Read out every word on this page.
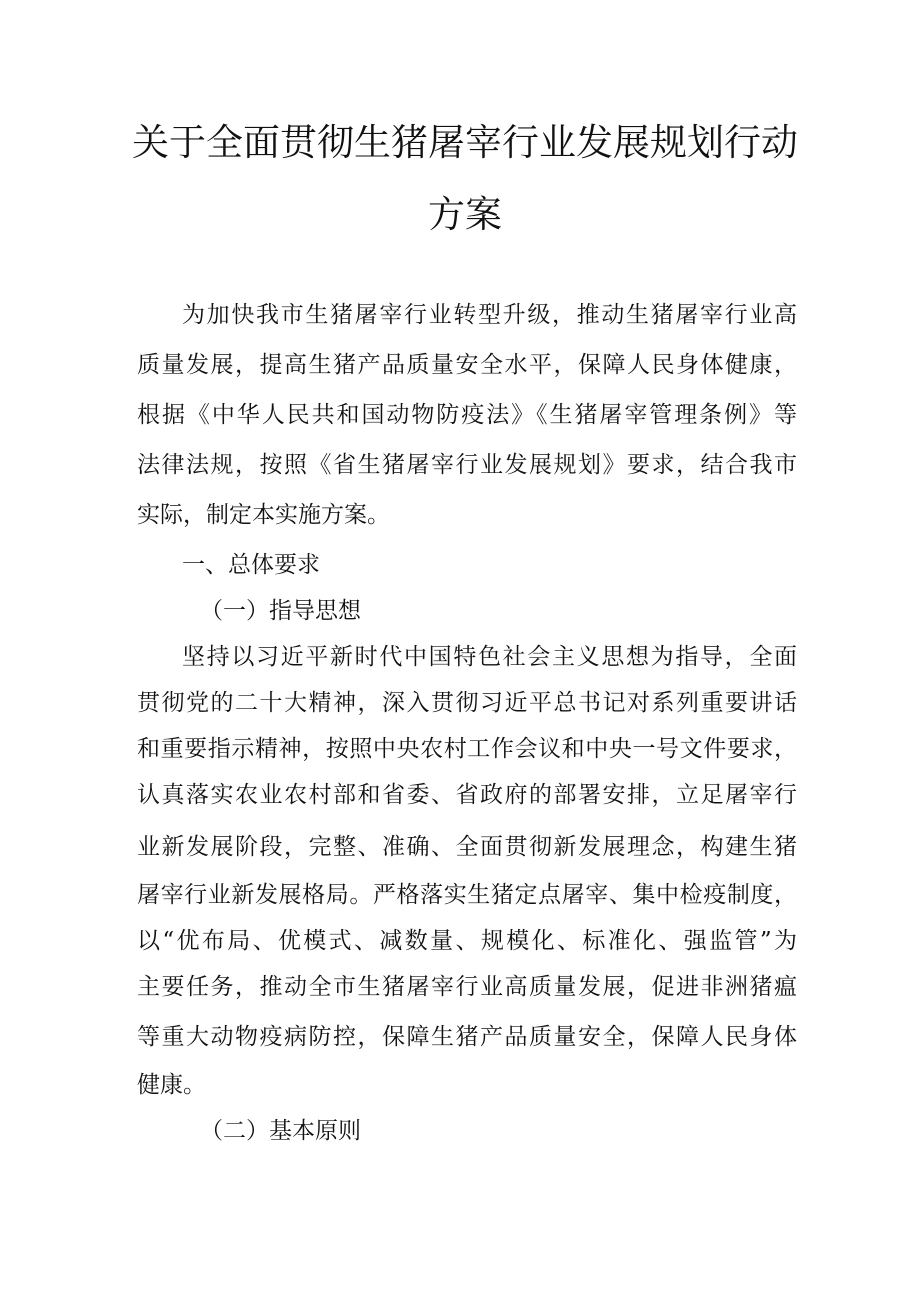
关于全面贯彻生猪屠宰行业发展规划行动
方案
为加快我市生猪屠宰行业转型升级，推动生猪屠宰行业高
质量发展，提高生猪产品质量安全水平，保障人民身体健康，
根据《中华人民共和国动物防疫法》《生猪屠宰管理条例》等
法律法规，按照《省生猪屠宰行业发展规划》要求，结合我市
实际，制定本实施方案。
一、总体要求
（一）指导思想
坚持以习近平新时代中国特色社会主义思想为指导，全面
贯彻党的二十大精神，深入贯彻习近平总书记对系列重要讲话
和重要指示精神，按照中央农村工作会议和中央一号文件要求，
认真落实农业农村部和省委、省政府的部署安排，立足屠宰行
业新发展阶段，完整、准确、全面贯彻新发展理念，构建生猪
屠宰行业新发展格局。严格落实生猪定点屠宰、集中检疫制度，
以“优布局、优模式、减数量、规模化、标准化、强监管”为
主要任务，推动全市生猪屠宰行业高质量发展，促进非洲猪瘟
等重大动物疫病防控，保障生猪产品质量安全，保障人民身体
健康。
（二）基本原则
